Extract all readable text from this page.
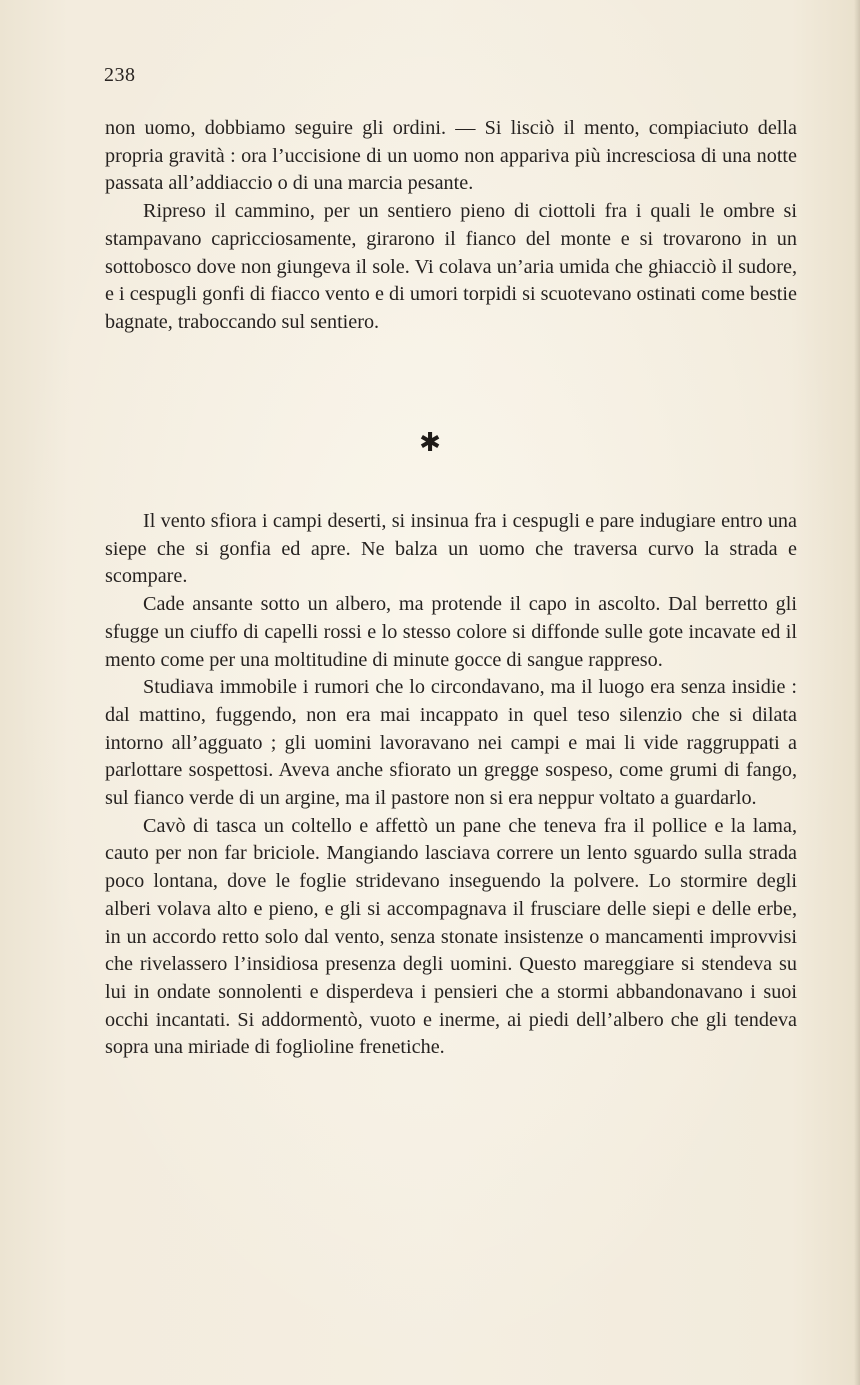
238

non uomo, dobbiamo seguire gli ordini. — Si lisciò il mento, compiaciuto della propria gravità : ora l’uccisione di un uomo non appariva più incresciosa di una notte passata all’addiaccio o di una marcia pesante.

Ripreso il cammino, per un sentiero pieno di ciottoli fra i quali le ombre si stampavano capricciosamente, girarono il fianco del monte e si trovarono in un sottobosco dove non giungeva il sole. Vi colava un’aria umida che ghiacciò il sudore, e i cespugli gonfi di fiacco vento e di umori torpidi si scuotevano ostinati come bestie bagnate, traboccando sul sentiero.

✱

Il vento sfiora i campi deserti, si insinua fra i cespugli e pare indugiare entro una siepe che si gonfia ed apre. Ne balza un uomo che traversa curvo la strada e scompare.

Cade ansante sotto un albero, ma protende il capo in ascolto. Dal berretto gli sfugge un ciuffo di capelli rossi e lo stesso colore si diffonde sulle gote incavate ed il mento come per una moltitudine di minute gocce di sangue rappreso.

Studiava immobile i rumori che lo circondavano, ma il luogo era senza insidie : dal mattino, fuggendo, non era mai incappato in quel teso silenzio che si dilata intorno all’agguato ; gli uomini lavoravano nei campi e mai li vide raggruppati a parlottare sospettosi. Aveva anche sfiorato un gregge sospeso, come grumi di fango, sul fianco verde di un argine, ma il pastore non si era neppur voltato a guardarlo.

Cavò di tasca un coltello e affettò un pane che teneva fra il pollice e la lama, cauto per non far briciole. Mangiando lasciava correre un lento sguardo sulla strada poco lontana, dove le foglie stridevano inseguendo la polvere. Lo stormire degli alberi volava alto e pieno, e gli si accompagnava il frusciare delle siepi e delle erbe, in un accordo retto solo dal vento, senza stonate insistenze o mancamenti improvvisi che rivelassero l’insidiosa presenza degli uomini. Questo mareggiare si stendeva su lui in ondate sonnolenti e disperdeva i pensieri che a stormi abbandonavano i suoi occhi incantati. Si addormentò, vuoto e inerme, ai piedi dell’albero che gli tendeva sopra una miriade di foglioline frenetiche.
